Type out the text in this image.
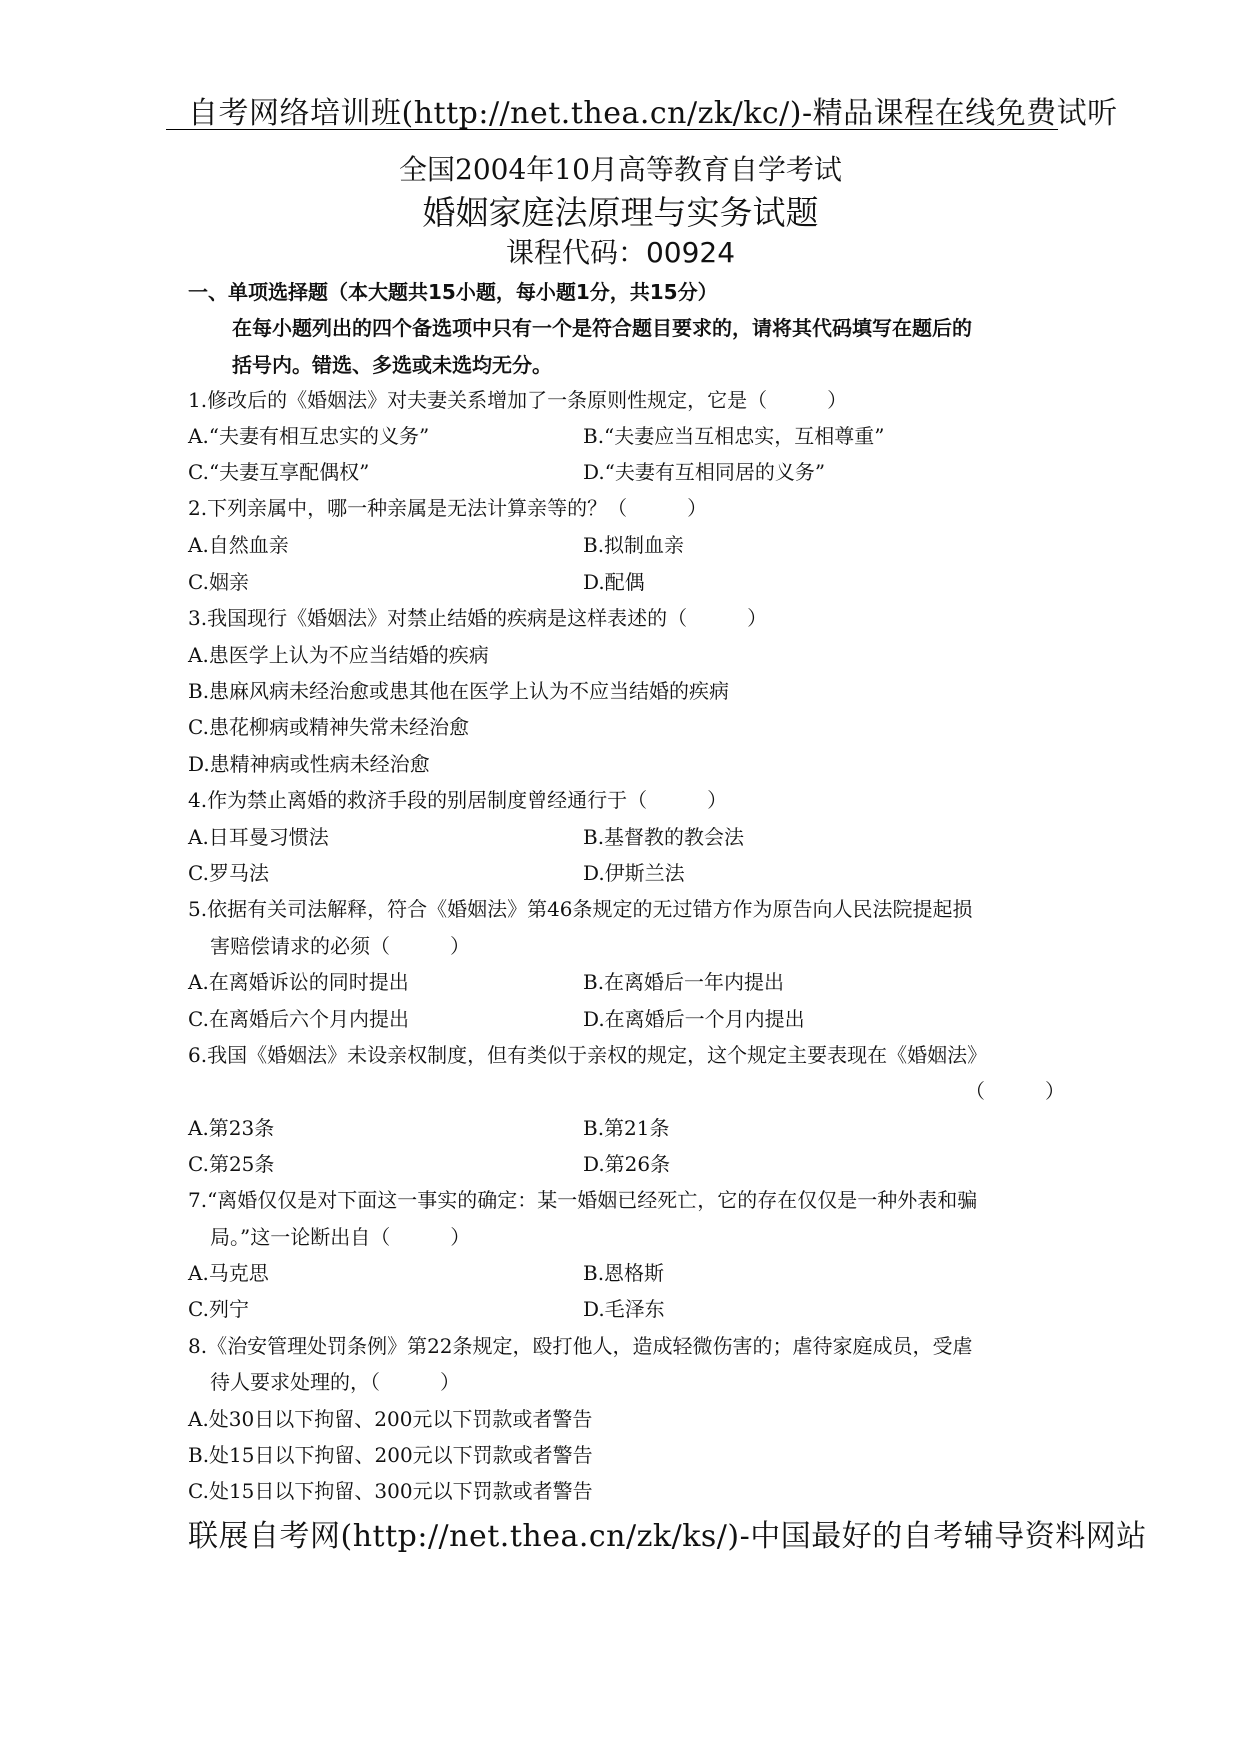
自考网络培训班(http://net.thea.cn/zk/kc/)-精品课程在线免费试听
全国2004年10月高等教育自学考试
婚姻家庭法原理与实务试题
课程代码：00924
一、单项选择题（本大题共15小题，每小题1分，共15分）
在每小题列出的四个备选项中只有一个是符合题目要求的，请将其代码填写在题后的
括号内。错选、多选或未选均无分。
1.修改后的《婚姻法》对夫妻关系增加了一条原则性规定，它是（　　　）
A.“夫妻有相互忠实的义务”	B.“夫妻应当互相忠实，互相尊重”
C.“夫妻互享配偶权”	D.“夫妻有互相同居的义务”
2.下列亲属中，哪一种亲属是无法计算亲等的？（　　　）
A.自然血亲	B.拟制血亲
C.姻亲	D.配偶
3.我国现行《婚姻法》对禁止结婚的疾病是这样表述的（　　　）
A.患医学上认为不应当结婚的疾病
B.患麻风病未经治愈或患其他在医学上认为不应当结婚的疾病
C.患花柳病或精神失常未经治愈
D.患精神病或性病未经治愈
4.作为禁止离婚的救济手段的别居制度曾经通行于（　　　）
A.日耳曼习惯法	B.基督教的教会法
C.罗马法	D.伊斯兰法
5.依据有关司法解释，符合《婚姻法》第46条规定的无过错方作为原告向人民法院提起损
害赔偿请求的必须（　　　）
A.在离婚诉讼的同时提出	B.在离婚后一年内提出
C.在离婚后六个月内提出	D.在离婚后一个月内提出
6.我国《婚姻法》未设亲权制度，但有类似于亲权的规定，这个规定主要表现在《婚姻法》
（　　　）
A.第23条	B.第21条
C.第25条	D.第26条
7.“离婚仅仅是对下面这一事实的确定：某一婚姻已经死亡，它的存在仅仅是一种外表和骗
局。”这一论断出自（　　　）
A.马克思	B.恩格斯
C.列宁	D.毛泽东
8.《治安管理处罚条例》第22条规定，殴打他人，造成轻微伤害的；虐待家庭成员，受虐
待人要求处理的，（　　　）
A.处30日以下拘留、200元以下罚款或者警告
B.处15日以下拘留、200元以下罚款或者警告
C.处15日以下拘留、300元以下罚款或者警告
联展自考网(http://net.thea.cn/zk/ks/)-中国最好的自考辅导资料网站
